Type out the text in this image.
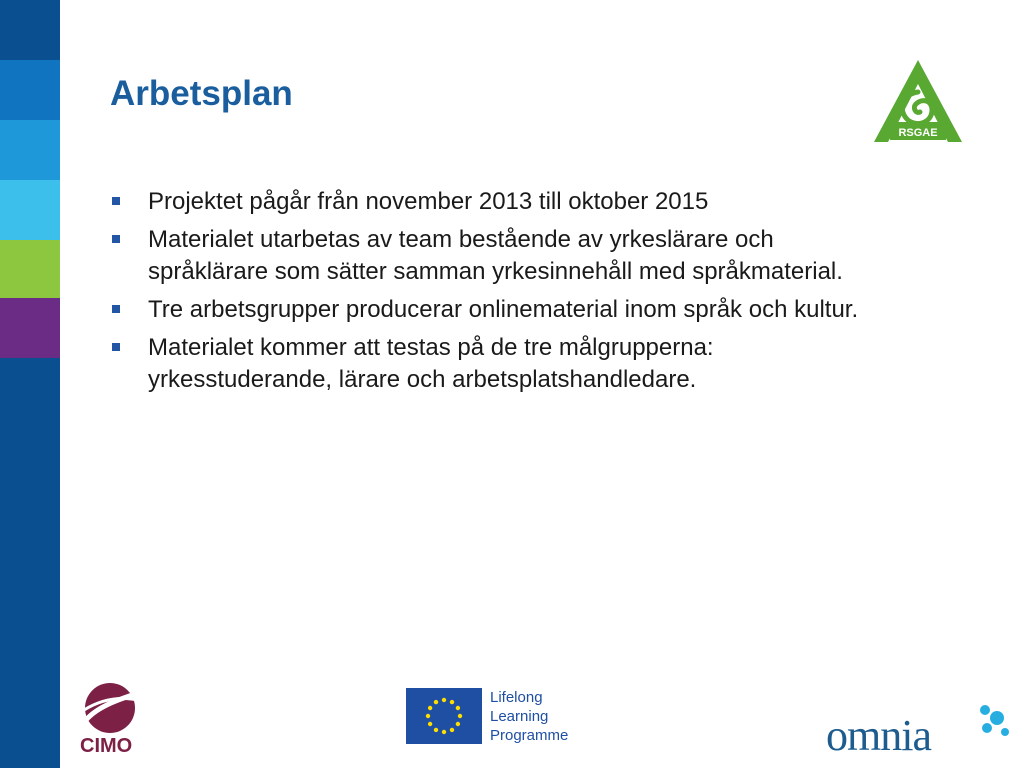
Arbetsplan
RSGAE
Projektet pågår från november 2013 till oktober 2015
Materialet utarbetas av team bestående av yrkeslärare och
språklärare som sätter samman yrkesinnehåll med språkmaterial.
Tre arbetsgrupper producerar onlinematerial inom språk och kultur.
Materialet kommer att testas på de tre målgrupperna:
yrkesstuderande, lärare och arbetsplatshandledare.
CIMO
Lifelong
Learning
Programme	omnia
